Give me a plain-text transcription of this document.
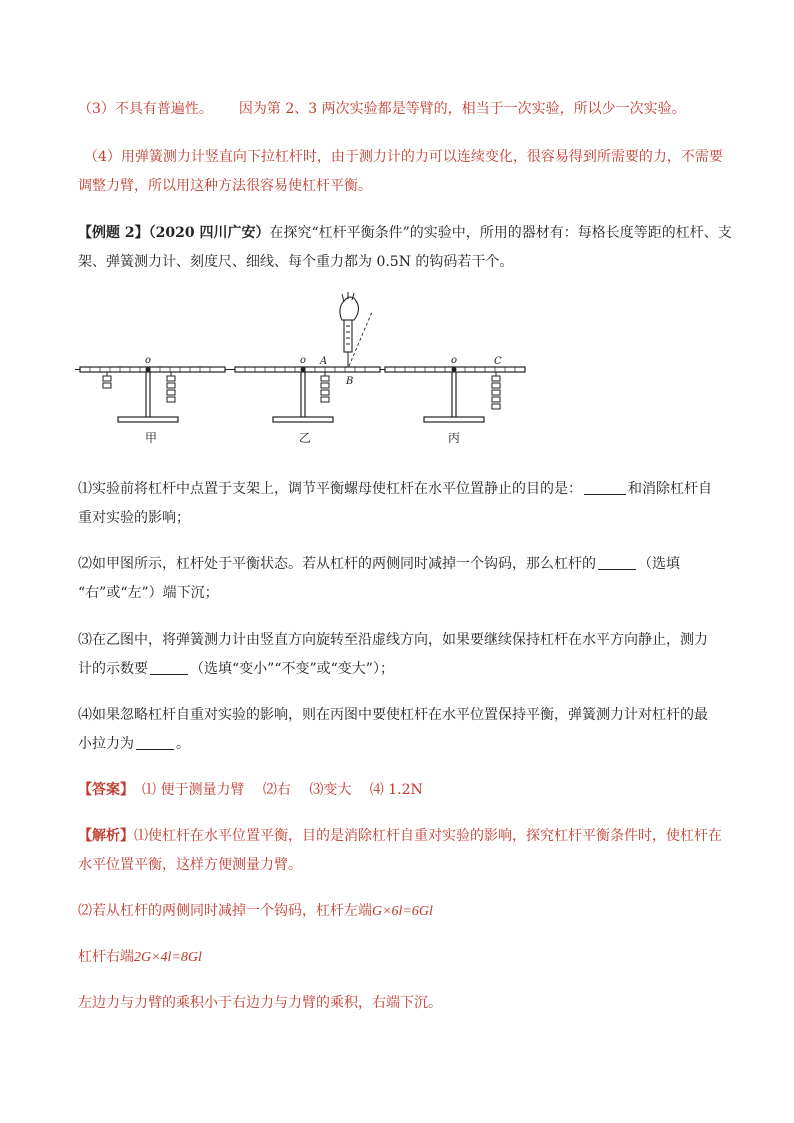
（3）不具有普遍性。 因为第 2、3 两次实验都是等臂的，相当于一次实验，所以少一次实验。
（4）用弹簧测力计竖直向下拉杠杆时，由于测力计的力可以连续变化，很容易得到所需要的力，不需要
调整力臂，所以用这种方法很容易使杠杆平衡。
【例题 2】（2020 四川广安）在探究“杠杆平衡条件”的实验中，所用的器材有：每格长度等距的杠杆、支
架、弹簧测力计、刻度尺、细线、每个重力都为 0.5N 的钩码若干个。
o
甲
o A
B
乙
o	C
丙
⑴实验前将杠杆中点置于支架上，调节平衡螺母使杠杆在水平位置静止的目的是：	和消除杠杆自
重对实验的影响；
⑵如甲图所示，杠杆处于平衡状态。若从杠杆的两侧同时减掉一个钩码，那么杠杆的	（选填
“右”或“左”）端下沉；
⑶在乙图中，将弹簧测力计由竖直方向旋转至沿虚线方向，如果要继续保持杠杆在水平方向静止，测力
计的示数要	（选填“变小”“不变”或“变大”）；
⑷如果忽略杠杆自重对实验的影响，则在丙图中要使杠杆在水平位置保持平衡，弹簧测力计对杠杆的最
小拉力为	。
【答案】 ⑴ 便于测量力臂　 ⑵右　 ⑶变大　 ⑷ 1.2N
【解析】⑴使杠杆在水平位置平衡，目的是消除杠杆自重对实验的影响，探究杠杆平衡条件时，使杠杆在
水平位置平衡，这样方便测量力臂。
⑵若从杠杆的两侧同时减掉一个钩码，杠杆左端G×6l=6Gl
杠杆右端2G×4l=8Gl
左边力与力臂的乘积小于右边力与力臂的乘积，右端下沉。
